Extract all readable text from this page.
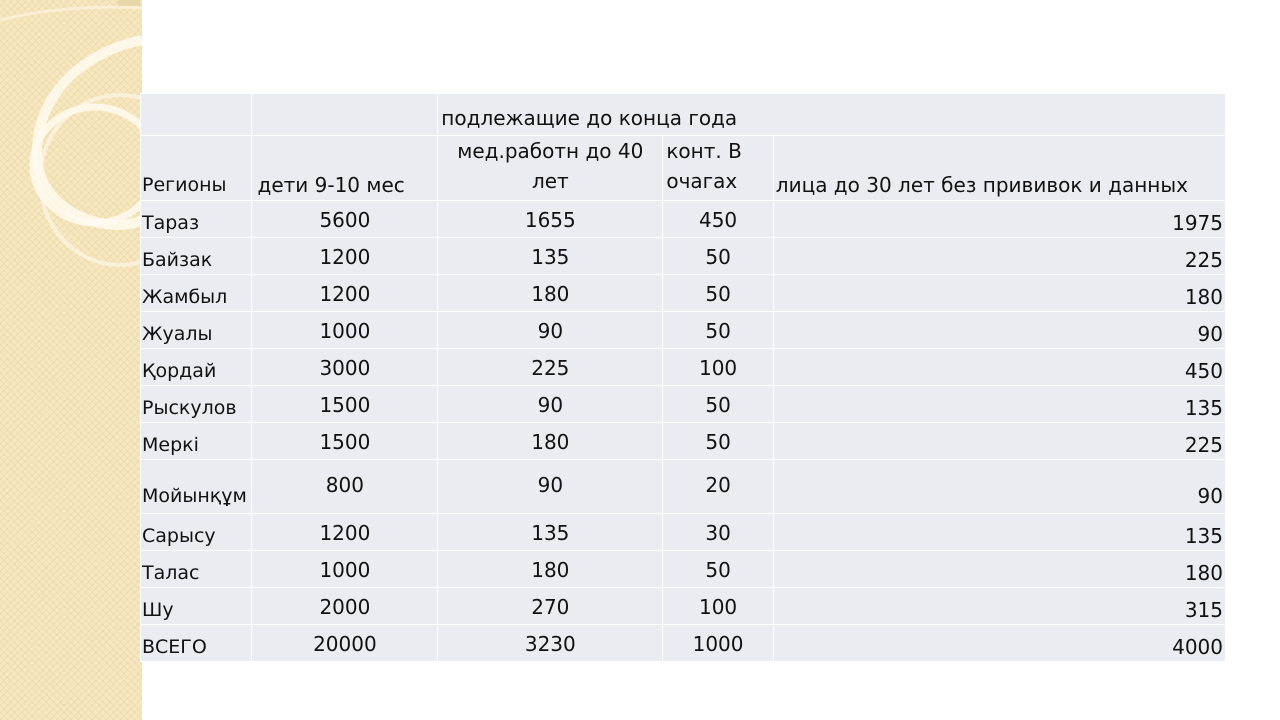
		подлежащие до конца года		
Регионы	дети 9-10 мес	мед.работн до 40 лет	конт. В очагах	лица до 30 лет без прививок и данных
Тараз	5600	1655	450	1975
Байзак	1200	135	50	225
Жамбыл	1200	180	50	180
Жуалы	1000	90	50	90
Қордай	3000	225	100	450
Рыскулов	1500	90	50	135
Меркі	1500	180	50	225
Мойынқұм	800	90	20	90
Сарысу	1200	135	30	135
Талас	1000	180	50	180
Шу	2000	270	100	315
ВСЕГО	20000	3230	1000	4000
